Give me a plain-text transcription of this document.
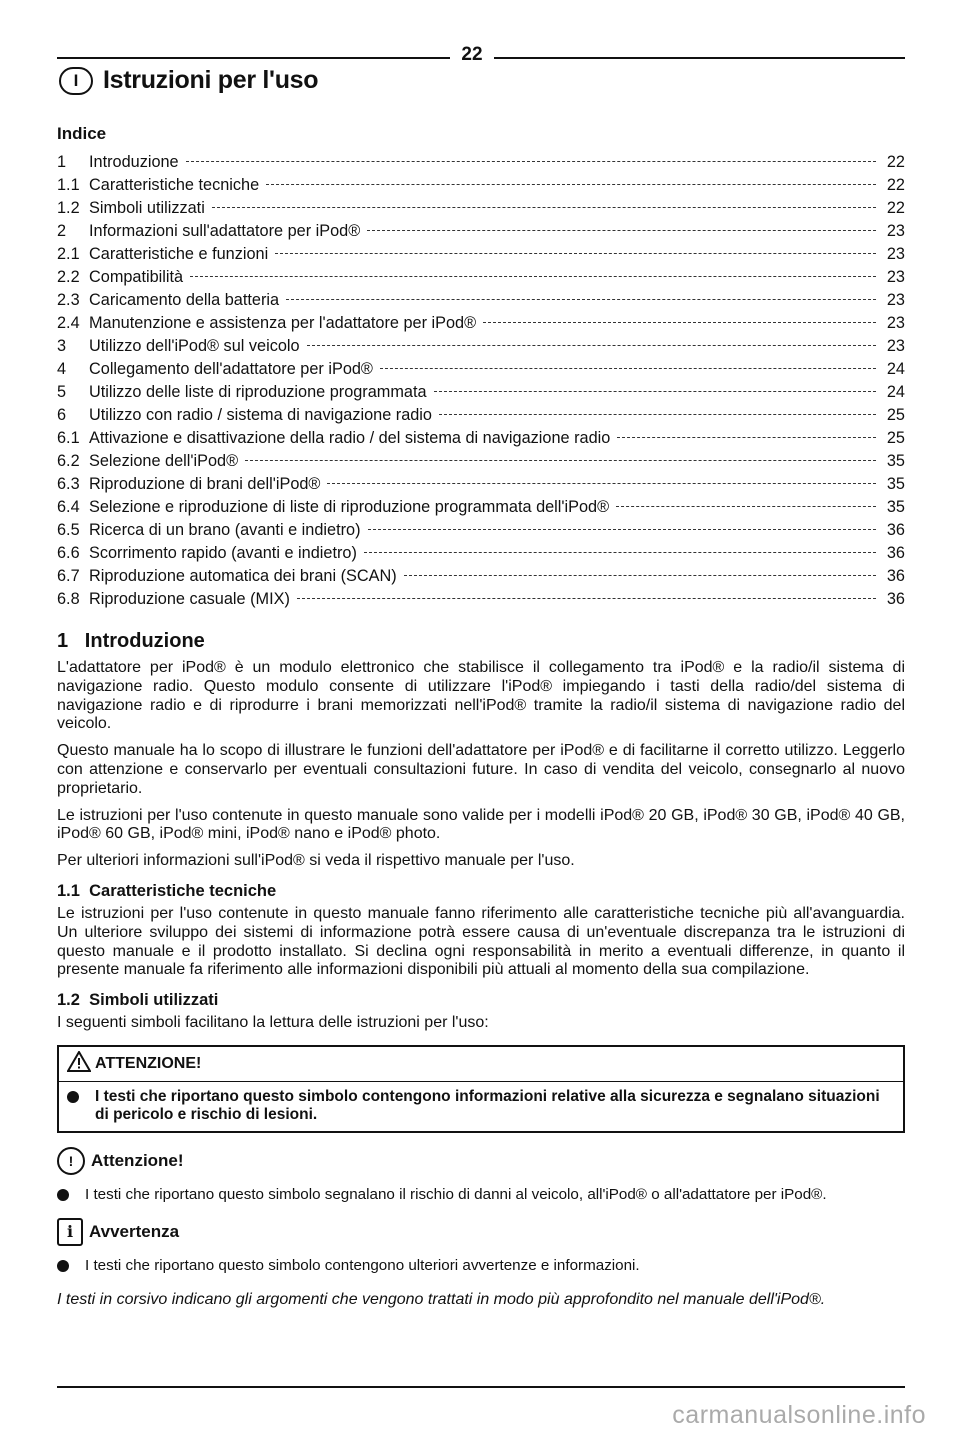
22
I Istruzioni per l'uso
Indice
1	Introduzione	22
1.1 Caratteristiche tecniche	22
1.2 Simboli utilizzati	22
2	Informazioni sull'adattatore per iPod®	23
2.1 Caratteristiche e funzioni	23
2.2 Compatibilità	23
2.3 Caricamento della batteria	23
2.4 Manutenzione e assistenza per l'adattatore per iPod®	23
3	Utilizzo dell'iPod® sul veicolo	23
4	Collegamento dell'adattatore per iPod®	24
5	Utilizzo delle liste di riproduzione programmata	24
6	Utilizzo con radio / sistema di navigazione radio	25
6.1 Attivazione e disattivazione della radio / del sistema di navigazione radio	25
6.2 Selezione dell'iPod®	35
6.3 Riproduzione di brani dell'iPod®	35
6.4 Selezione e riproduzione di liste di riproduzione programmata dell'iPod®	35
6.5 Ricerca di un brano (avanti e indietro)	36
6.6 Scorrimento rapido (avanti e indietro)	36
6.7 Riproduzione automatica dei brani (SCAN)	36
6.8 Riproduzione casuale (MIX)	36
1 Introduzione

L'adattatore per iPod® è un modulo elettronico che stabilisce il collegamento tra iPod® e la radio/il sistema di navigazione radio. Questo modulo consente di utilizzare l'iPod® impiegando i tasti della radio/del sistema di navigazione radio e di riprodurre i brani memorizzati nell'iPod® tramite la radio/il sistema di navigazione radio del veicolo.

Questo manuale ha lo scopo di illustrare le funzioni dell'adattatore per iPod® e di facilitarne il corretto utilizzo. Leggerlo con attenzione e conservarlo per eventuali consultazioni future. In caso di vendita del veicolo, consegnarlo al nuovo proprietario.

Le istruzioni per l'uso contenute in questo manuale sono valide per i modelli iPod® 20 GB, iPod® 30 GB, iPod® 40 GB, iPod® 60 GB, iPod® mini, iPod® nano e iPod® photo.

Per ulteriori informazioni sull'iPod® si veda il rispettivo manuale per l'uso.

1.1 Caratteristiche tecniche

Le istruzioni per l'uso contenute in questo manuale fanno riferimento alle caratteristiche tecniche più all'avanguardia. Un ulteriore sviluppo dei sistemi di informazione potrà essere causa di un'eventuale discrepanza tra le istruzioni di questo manuale e il prodotto installato. Si declina ogni responsabilità in merito a eventuali differenze, in quanto il presente manuale fa riferimento alle informazioni disponibili più attuali al momento della sua compilazione.

1.2 Simboli utilizzati

I seguenti simboli facilitano la lettura delle istruzioni per l'uso:

ATTENZIONE!
I testi che riportano questo simbolo contengono informazioni relative alla sicurezza e segnalano situazioni di pericolo e rischio di lesioni.
!	Attenzione!
I testi che riportano questo simbolo segnalano il rischio di danni al veicolo, all'iPod® o all'adattatore per iPod®.
i Avvertenza
I testi che riportano questo simbolo contengono ulteriori avvertenze e informazioni.
I testi in corsivo indicano gli argomenti che vengono trattati in modo più approfondito nel manuale dell'iPod®.
carmanualsonline.info
